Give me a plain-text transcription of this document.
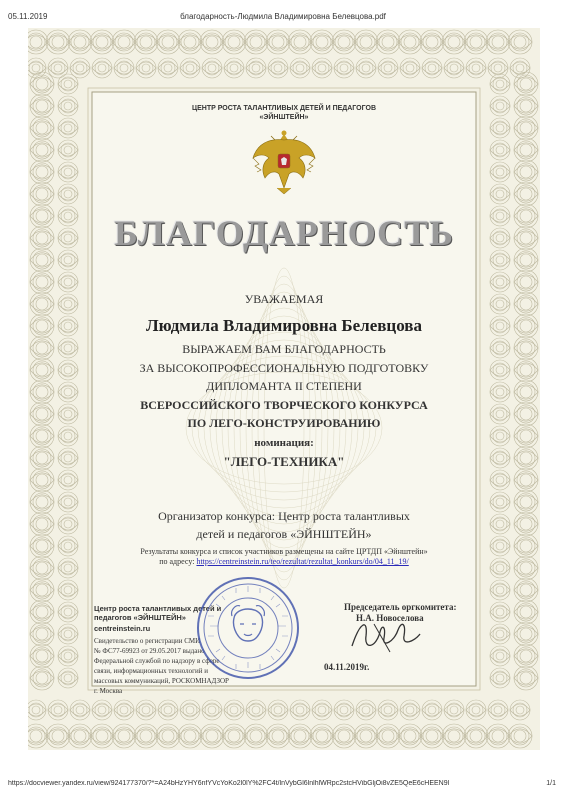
05.11.2019	благодарность-Людмила Владимировна Белевцова.pdf
ЦЕНТР РОСТА ТАЛАНТЛИВЫХ ДЕТЕЙ И ПЕДАГОГОВ
«ЭЙНШТЕЙН»
БЛАГОДАРНОСТЬ
УВАЖАЕМАЯ
Людмила Владимировна Белевцова
ВЫРАЖАЕМ ВАМ БЛАГОДАРНОСТЬ
ЗА ВЫСОКОПРОФЕССИОНАЛЬНУЮ ПОДГОТОВКУ
ДИПЛОМАНТА II СТЕПЕНИ
ВСЕРОССИЙСКОГО ТВОРЧЕСКОГО КОНКУРСА
ПО ЛЕГО-КОНСТРУИРОВАНИЮ
номинация:
"ЛЕГО-ТЕХНИКА"
Организатор конкурса: Центр роста талантливых
детей и педагогов «ЭЙНШТЕЙН»
Результаты конкурса и список участников размещены на сайте ЦРТДП «Эйнштейн»
по адресу: https://centreinstein.ru/teo/rezultat/rezultat_konkurs/do/04_11_19/
Центр роста талантливых детей и
педагогов «ЭЙНШТЕЙН»
centreinstein.ru
Свидетельство о регистрации СМИ
№ ФС77-69923 от 29.05.2017 выдано
Федеральной службой по надзору в сфере
связи, информационных технологий и
массовых коммуникаций, РОСКОМНАДЗОР
г. Москва
04.11.2019г.
Председатель оргкомитета:
Н.А. Новоселова
https://docviewer.yandex.ru/view/924177370/?*=A24bHzYHY6nfYVcYoKo2l0lY%2FC4t/lnVybGl6lnlhlWRpc2stcHVibGljOi8vZE5QeE6cHEEN9l	1/1
